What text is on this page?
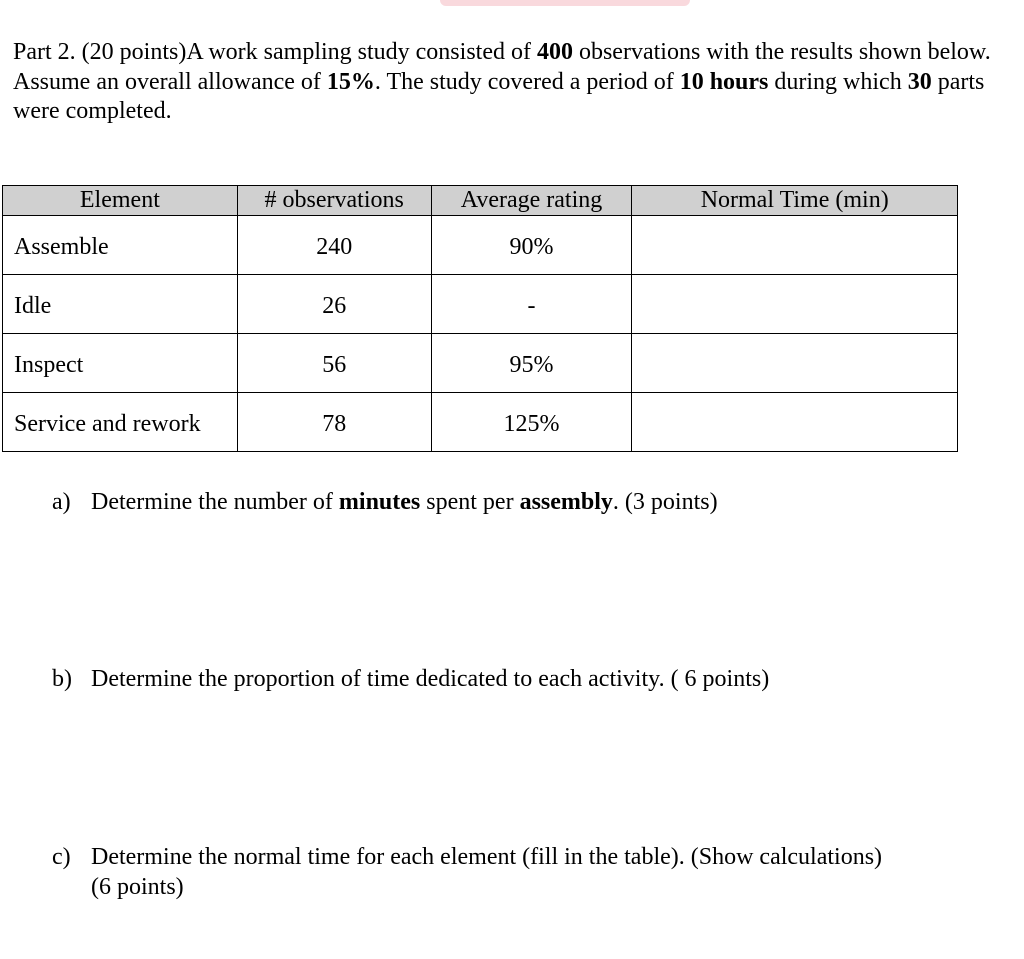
Part 2. (20 points)A work sampling study consisted of 400 observations with the results shown below. Assume an overall allowance of 15%. The study covered a period of 10 hours during which 30 parts were completed.

Element	# observations	Average rating	Normal Time (min)
Assemble	240	90%	
Idle	26	-	
Inspect	56	95%	
Service and rework	78	125%	
a) Determine the number of minutes spent per assembly. (3 points)
b) Determine the proportion of time dedicated to each activity. ( 6 points)
c) Determine the normal time for each element (fill in the table). (Show calculations)
(6 points)
